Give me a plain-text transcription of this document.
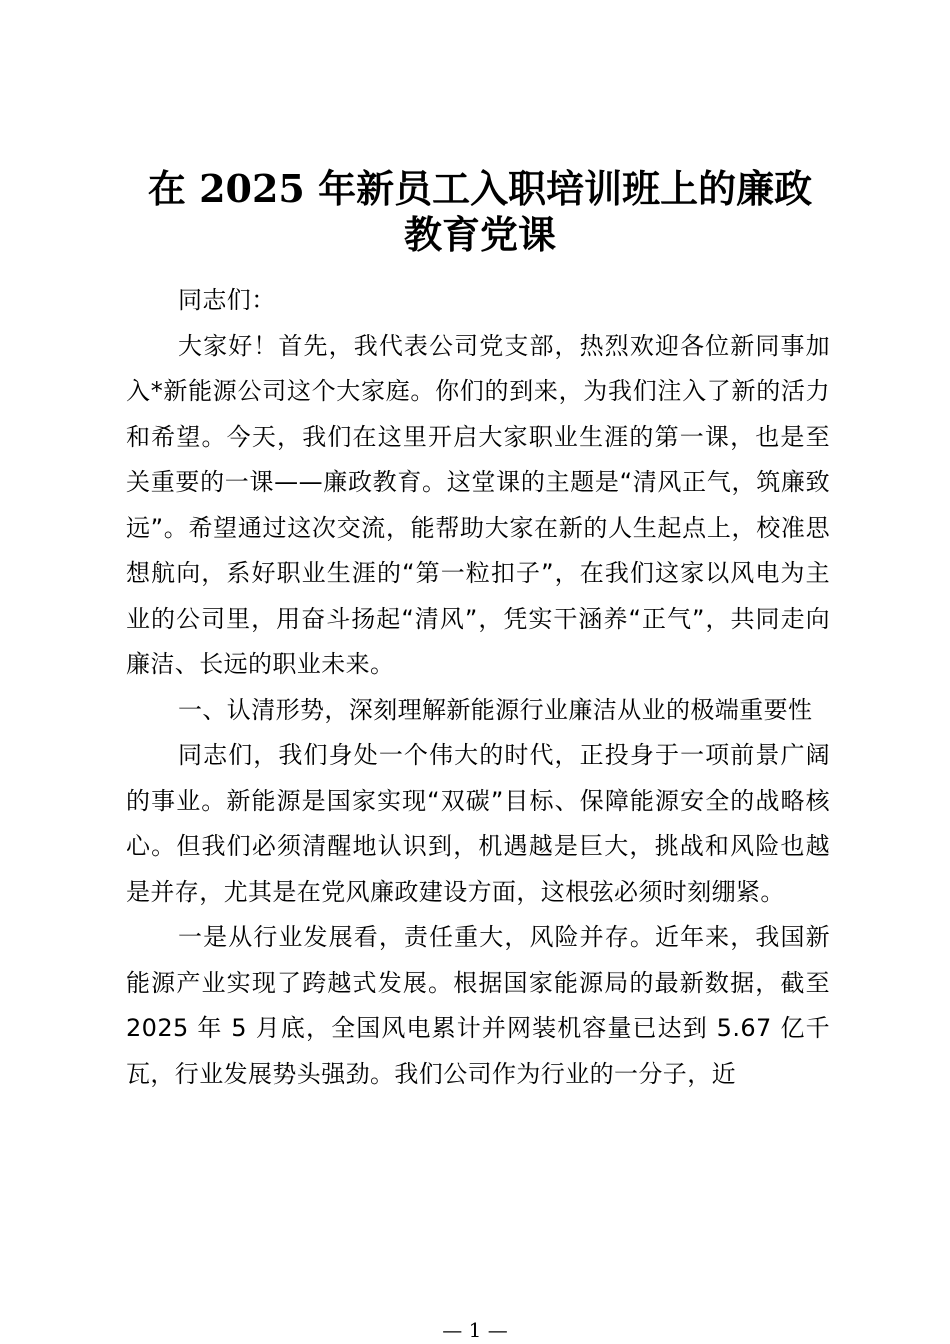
在 2025 年新员工入职培训班上的廉政
教育党课

同志们：

大家好！首先，我代表公司党支部，热烈欢迎各位新同事加入*新能源公司这个大家庭。你们的到来，为我们注入了新的活力和希望。今天，我们在这里开启大家职业生涯的第一课，也是至关重要的一课——廉政教育。这堂课的主题是“清风正气，筑廉致远”。希望通过这次交流，能帮助大家在新的人生起点上，校准思想航向，系好职业生涯的“第一粒扣子”，在我们这家以风电为主业的公司里，用奋斗扬起“清风”，凭实干涵养“正气”，共同走向廉洁、长远的职业未来。

一、认清形势，深刻理解新能源行业廉洁从业的极端重要性

同志们，我们身处一个伟大的时代，正投身于一项前景广阔的事业。新能源是国家实现“双碳”目标、保障能源安全的战略核心。但我们必须清醒地认识到，机遇越是巨大，挑战和风险也越是并存，尤其是在党风廉政建设方面，这根弦必须时刻绷紧。

一是从行业发展看，责任重大，风险并存。近年来，我国新能源产业实现了跨越式发展。根据国家能源局的最新数据，截至 2025 年 5 月底，全国风电累计并网装机容量已达到 5.67 亿千瓦，行业发展势头强劲。我们公司作为行业的一分子，近

— 1 —
